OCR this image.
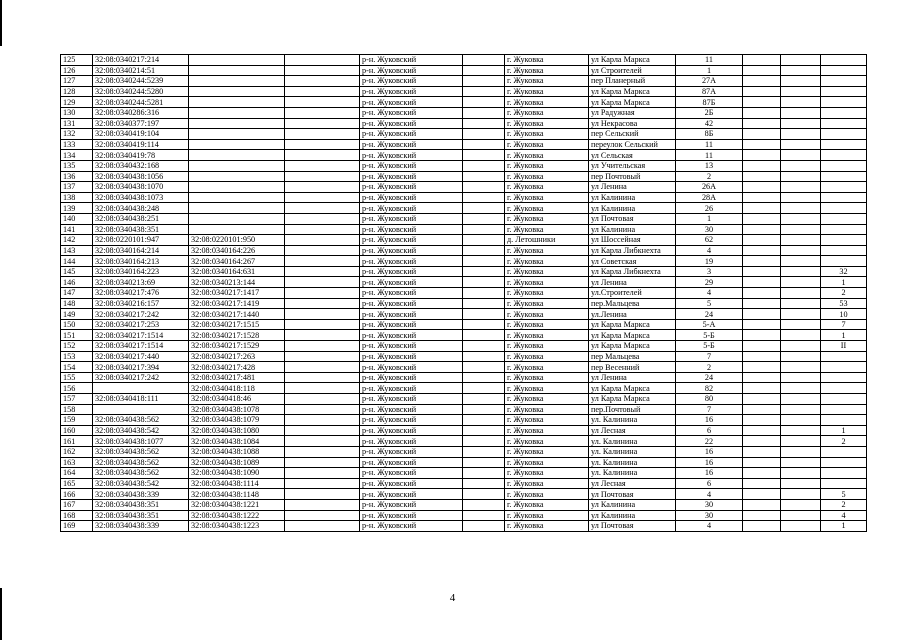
125	32:08:0340217:214			р-н. Жуковский		г. Жуковка	ул Карла Маркса	11			
126	32:08:0340214:51			р-н. Жуковский		г. Жуковка	ул Строителей	1			
127	32:08:0340244:5239			р-н. Жуковский		г. Жуковка	пер Планерный	27А			
128	32:08:0340244:5280			р-н. Жуковский		г. Жуковка	ул Карла Маркса	87А			
129	32:08:0340244:5281			р-н. Жуковский		г. Жуковка	ул Карла Маркса	87Б			
130	32:08:0340286:316			р-н. Жуковский		г. Жуковка	ул Радужная	2Б			
131	32:08:0340377:197			р-н. Жуковский		г. Жуковка	ул Некрасова	42			
132	32:08:0340419:104			р-н. Жуковский		г. Жуковка	пер Сельский	8Б			
133	32:08:0340419:114			р-н. Жуковский		г. Жуковка	переулок Сельский	11			
134	32:08:0340419:78			р-н. Жуковский		г. Жуковка	ул Сельская	11			
135	32:08:0340432:168			р-н. Жуковский		г. Жуковка	ул Учительская	13			
136	32:08:0340438:1056			р-н. Жуковский		г. Жуковка	пер Почтовый	2			
137	32:08:0340438:1070			р-н. Жуковский		г. Жуковка	ул Ленина	26А			
138	32:08:0340438:1073			р-н. Жуковский		г. Жуковка	ул Калинина	28А			
139	32:08:0340438:248			р-н. Жуковский		г. Жуковка	ул Калинина	26			
140	32:08:0340438:251			р-н. Жуковский		г. Жуковка	ул Почтовая	1			
141	32:08:0340438:351			р-н. Жуковский		г. Жуковка	ул Калинина	30			
142	32:08:0220101:947	32:08:0220101:950		р-н. Жуковский		д. Летошники	ул Шоссейная	62			
143	32:08:0340164:214	32:08:0340164:226		р-н. Жуковский		г. Жуковка	ул Карла Либкнехта	4			
144	32:08:0340164:213	32:08:0340164:267		р-н. Жуковский		г. Жуковка	ул Советская	19			
145	32:08:0340164:223	32:08:0340164:631		р-н. Жуковский		г. Жуковка	ул Карла Либкнехта	3			32
146	32:08:0340213:69	32:08:0340213:144		р-н. Жуковский		г. Жуковка	ул Ленина	29			1
147	32:08:0340217:476	32:08:0340217:1417		р-н. Жуковский		г. Жуковка	ул.Строителей	4			2
148	32:08:0340216:157	32:08:0340217:1419		р-н. Жуковский		г. Жуковка	пер.Мальцева	5			53
149	32:08:0340217:242	32:08:0340217:1440		р-н. Жуковский		г. Жуковка	ул.Ленина	24			10
150	32:08:0340217:253	32:08:0340217:1515		р-н. Жуковский		г. Жуковка	ул Карла Маркса	5-А			7
151	32:08:0340217:1514	32:08:0340217:1528		р-н. Жуковский		г. Жуковка	ул Карла Маркса	5-Б			1
152	32:08:0340217:1514	32:08:0340217:1529		р-н. Жуковский		г. Жуковка	ул Карла Маркса	5-Б			II
153	32:08:0340217:440	32:08:0340217:263		р-н. Жуковский		г. Жуковка	пер Мальцева	7			
154	32:08:0340217:394	32:08:0340217:428		р-н. Жуковский		г. Жуковка	пер Весенний	2			
155	32:08:0340217:242	32:08:0340217:481		р-н. Жуковский		г. Жуковка	ул Ленина	24			
156		32:08:0340418:118		р-н. Жуковский		г. Жуковка	ул Карла Маркса	82			
157	32:08:0340418:111	32:08:0340418:46		р-н. Жуковский		г. Жуковка	ул Карла Маркса	80			
158		32:08:0340438:1078		р-н. Жуковский		г. Жуковка	пер.Почтовый	7			
159	32:08:0340438:562	32:08:0340438:1079		р-н. Жуковский		г. Жуковка	ул. Калинина	16			
160	32:08:0340438:542	32:08:0340438:1080		р-н. Жуковский		г. Жуковка	ул Лесная	6			1
161	32:08:0340438:1077	32:08:0340438:1084		р-н. Жуковский		г. Жуковка	ул. Калинина	22			2
162	32:08:0340438:562	32:08:0340438:1088		р-н. Жуковский		г. Жуковка	ул. Калинина	16			
163	32:08:0340438:562	32:08:0340438:1089		р-н. Жуковский		г. Жуковка	ул. Калинина	16			
164	32:08:0340438:562	32:08:0340438:1090		р-н. Жуковский		г. Жуковка	ул. Калинина	16			
165	32:08:0340438:542	32:08:0340438:1114		р-н. Жуковский		г. Жуковка	ул Лесная	6			
166	32:08:0340438:339	32:08:0340438:1148		р-н. Жуковский		г. Жуковка	ул Почтовая	4			5
167	32:08:0340438:351	32:08:0340438:1221		р-н. Жуковский		г. Жуковка	ул Калинина	30			2
168	32:08:0340438:351	32:08:0340438:1222		р-н. Жуковский		г. Жуковка	ул Калинина	30			4
169	32:08:0340438:339	32:08:0340438:1223		р-н. Жуковский		г. Жуковка	ул Почтовая	4			1
4
